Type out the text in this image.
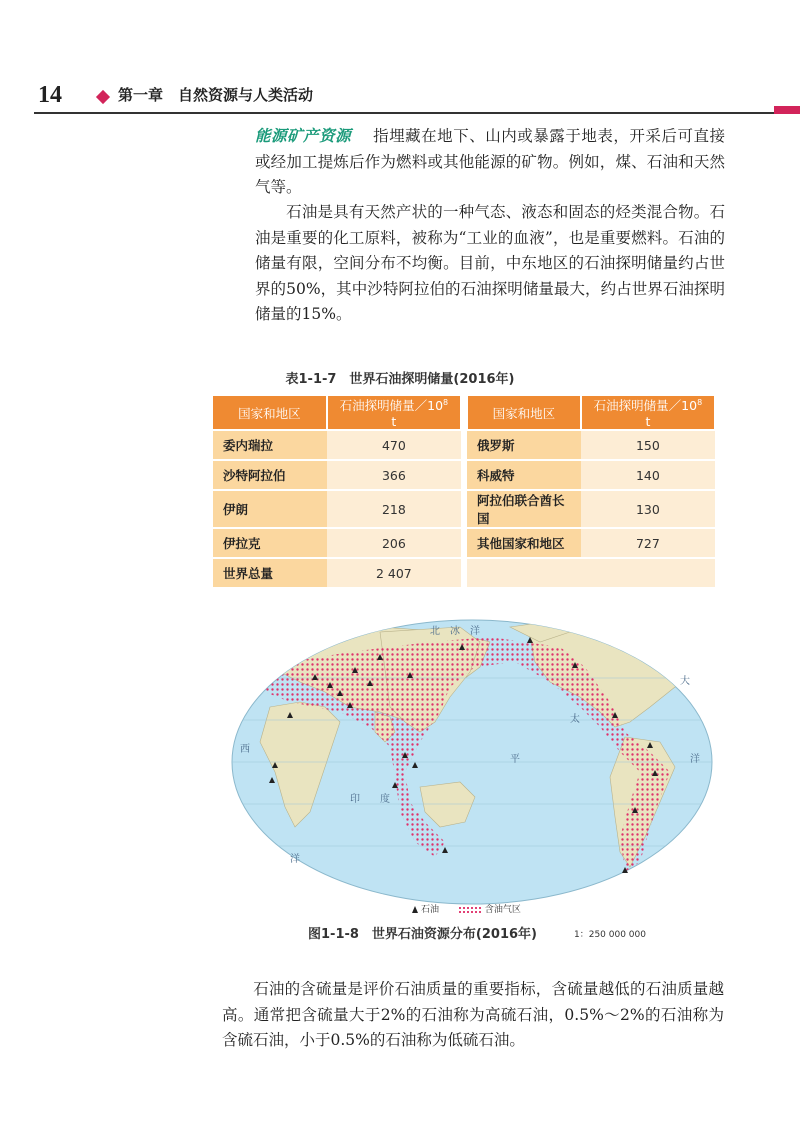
14	第一章　自然资源与人类活动
能源矿产资源 指埋藏在地下、山内或暴露于地表，开采后可直接或经加工提炼后作为燃料或其他能源的矿物。例如，煤、石油和天然气等。
石油是具有天然产状的一种气态、液态和固态的烃类混合物。石油是重要的化工原料，被称为“工业的血液”，也是重要燃料。石油的储量有限，空间分布不均衡。目前，中东地区的石油探明储量约占世界的50%，其中沙特阿拉伯的石油探明储量最大，约占世界石油探明储量的15%。
表1-1-7　世界石油探明储量(2016年)
国家和地区	石油探明储量$/10^8$ t		国家和地区	石油探明储量$/10^8$ t
委内瑞拉	470		俄罗斯	150
沙特阿拉伯	366		科威特	140
伊朗	218		阿拉伯联合酋长国	130
伊拉克	206		其他国家和地区	727
世界总量	2 407			
北　冰　洋
大
西
太
平	洋
印 度
洋
石油	含油气区
图1-1-8　世界石油资源分布(2016年)	1：250 000 000
石油的含硫量是评价石油质量的重要指标，含硫量越低的石油质量越高。通常把含硫量大于2%的石油称为高硫石油，0.5%～2%的石油称为含硫石油，小于0.5%的石油称为低硫石油。
